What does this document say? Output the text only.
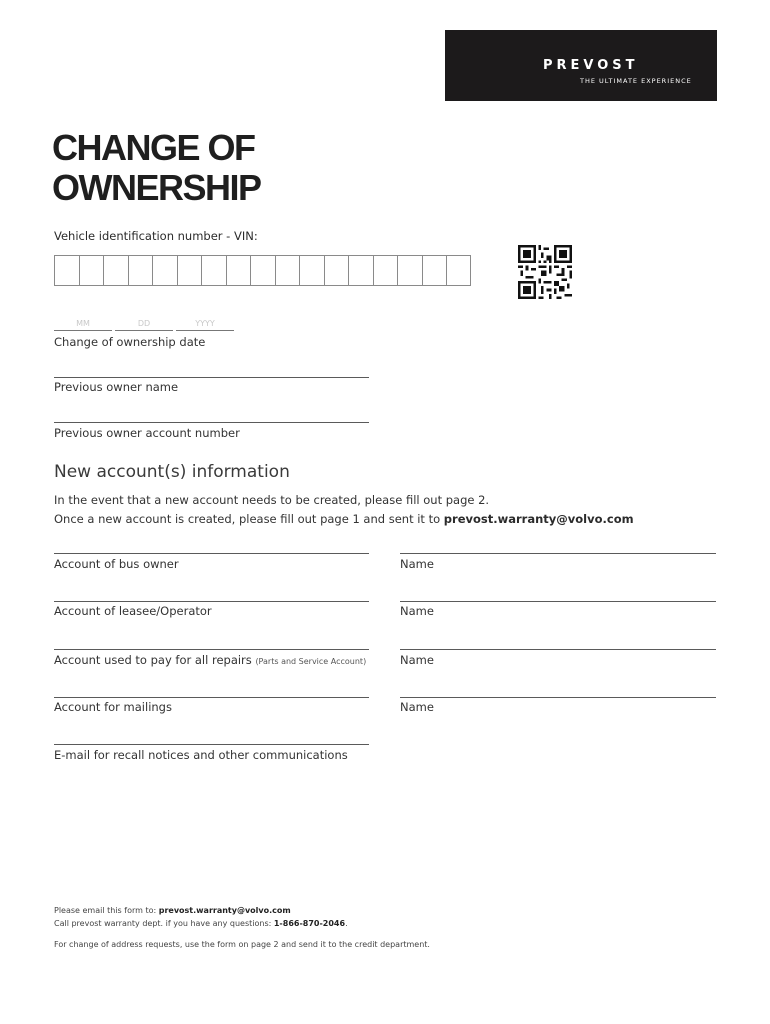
PREVOST
THE ULTIMATE EXPERIENCE
CHANGE OF
OWNERSHIP
Vehicle identification number - VIN:
MM	DD	YYYY
Change of ownership date
Previous owner name
Previous owner account number
New account(s) information
In the event that a new account needs to be created, please fill out page 2.
Once a new account is created, please fill out page 1 and sent it to prevost.warranty@volvo.com
Account of bus owner	Name
Account of leasee/Operator	Name
Account used to pay for all repairs (Parts and Service Account)	Name
Account for mailings	Name
E-mail for recall notices and other communications
Please email this form to: prevost.warranty@volvo.com
Call prevost warranty dept. if you have any questions: 1-866-870-2046.
For change of address requests, use the form on page 2 and send it to the credit department.
